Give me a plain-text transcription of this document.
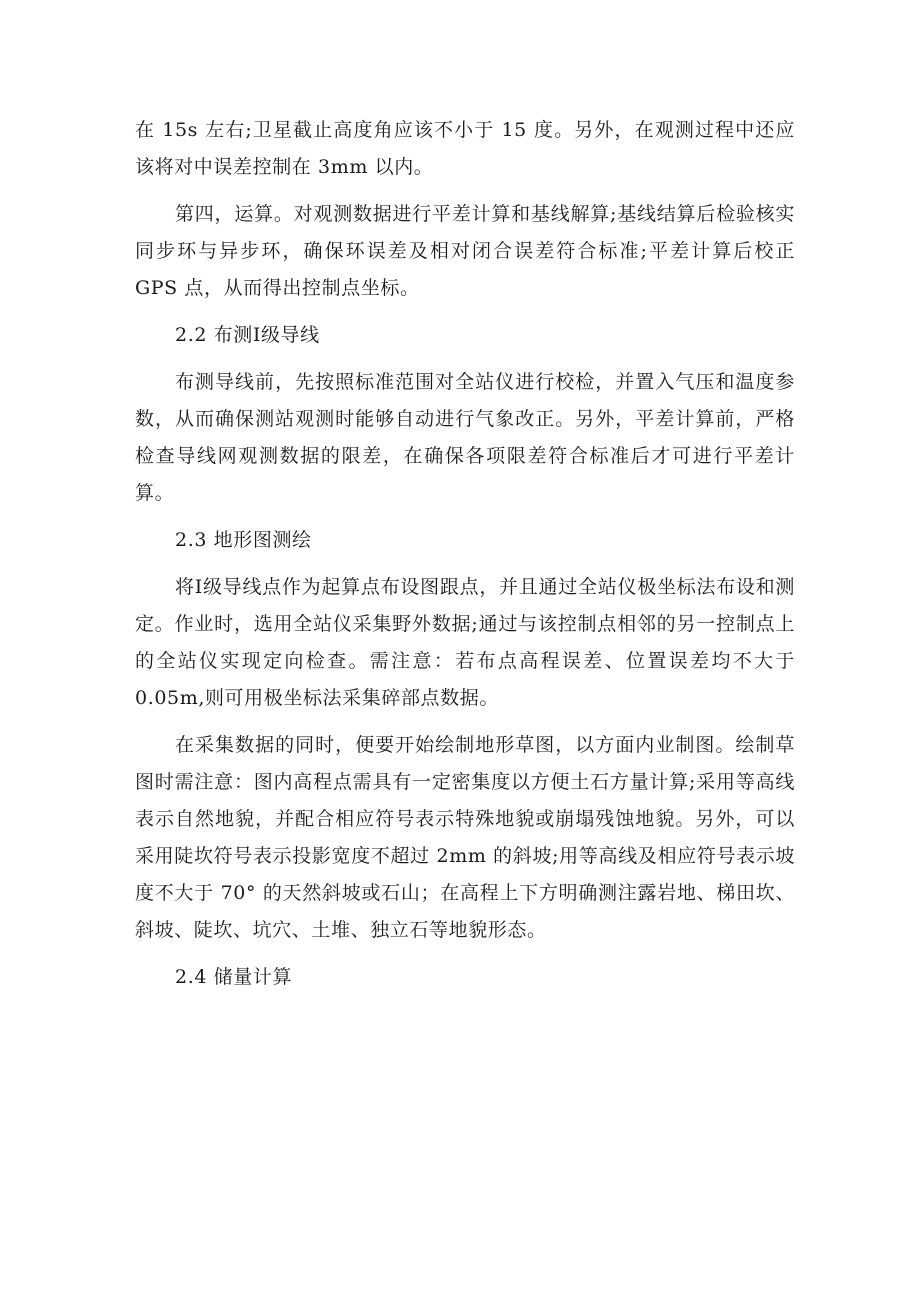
在 15s 左右;卫星截止高度角应该不小于 15 度。另外，在观测过程中还应该将对中误差控制在 3mm 以内。

第四，运算。对观测数据进行平差计算和基线解算;基线结算后检验核实同步环与异步环，确保环误差及相对闭合误差符合标准;平差计算后校正 GPS 点，从而得出控制点坐标。

2.2 布测Ⅰ级导线

布测导线前，先按照标准范围对全站仪进行校检，并置入气压和温度参数，从而确保测站观测时能够自动进行气象改正。另外，平差计算前，严格检查导线网观测数据的限差，在确保各项限差符合标准后才可进行平差计算。

2.3 地形图测绘

将Ⅰ级导线点作为起算点布设图跟点，并且通过全站仪极坐标法布设和测定。作业时，选用全站仪采集野外数据;通过与该控制点相邻的另一控制点上的全站仪实现定向检查。需注意：若布点高程误差、位置误差均不大于 0.05m,则可用极坐标法采集碎部点数据。

在采集数据的同时，便要开始绘制地形草图，以方面内业制图。绘制草图时需注意：图内高程点需具有一定密集度以方便土石方量计算;采用等高线表示自然地貌，并配合相应符号表示特殊地貌或崩塌残蚀地貌。另外，可以采用陡坎符号表示投影宽度不超过 2mm 的斜坡;用等高线及相应符号表示坡度不大于 70° 的天然斜坡或石山；在高程上下方明确测注露岩地、梯田坎、斜坡、陡坎、坑穴、土堆、独立石等地貌形态。

2.4 储量计算
